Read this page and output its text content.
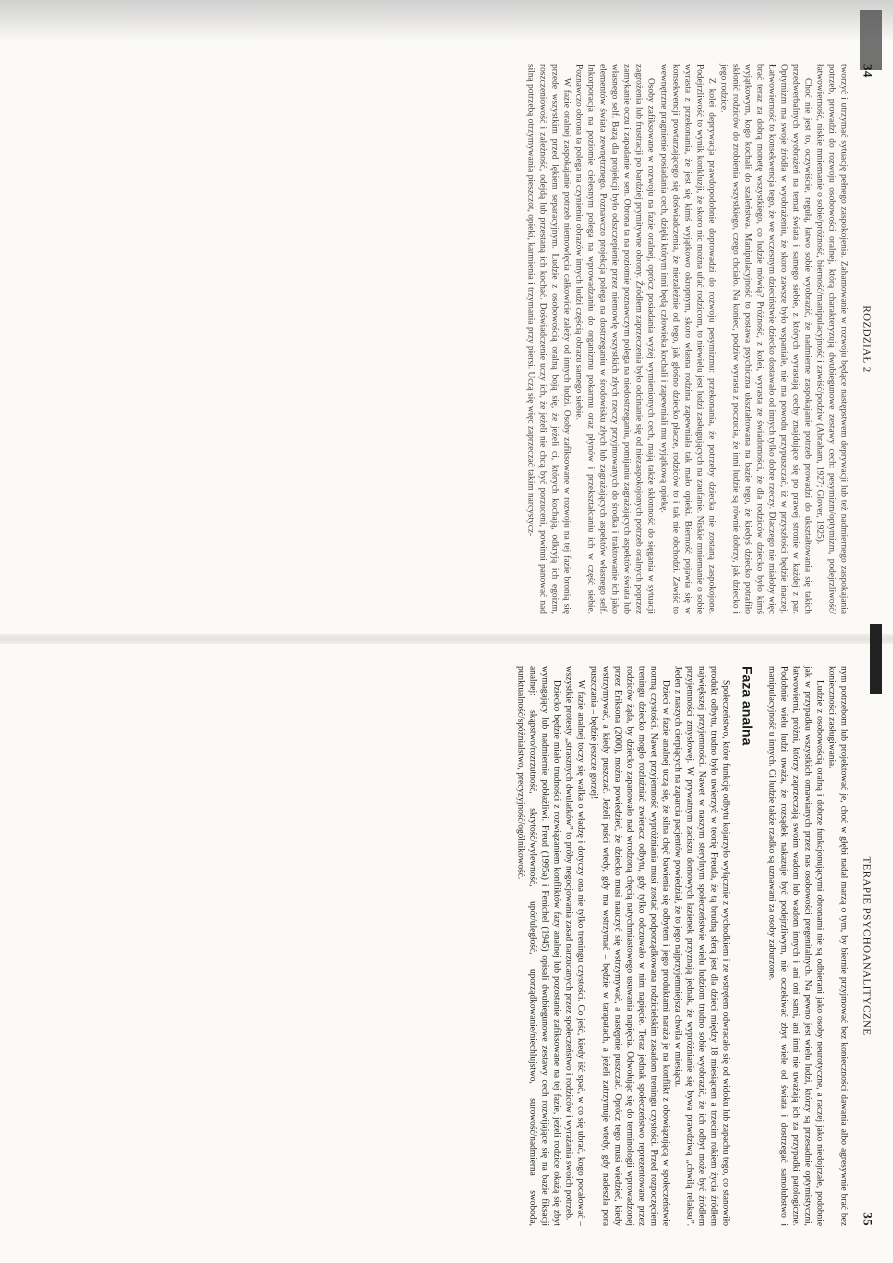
34
ROZDZIAŁ 2

tworzyć i utrzymać sytuację pełnego zaspokojenia. Zahamowanie w rozwoju będące następstwem deprywacji lub też nadmiernego zaspokajania potrzeb, prowadzi do rozwoju osobowości oralnej, którą charakteryzują dwubiegunowe zestawy cech: pesymizm/optymizm, podejrzliwość/łatwowierność, niskie mniemanie o sobie/próżność, bierność/manipulacyjność i zawiść/podziw (Abraham, 1927; Glover, 1925).

Choć nie jest to, oczywiście, regułą, łatwo sobie wyobrazić, że nadmierne zaspokajanie potrzeb prowadzi do ukształtowania się takich przedwerbalnych wyobrażeń na temat świata i samego siebie, z których wyrastają cechy znajdujące się po prawej stronie w każdej z par. Optymizm ma swoje źródła w wyobrażeniu, że skoro zawsze było wspaniale, nie ma powodu przypuszczać, iż w przyszłości będzie inaczej. Łatwowierność to konsekwencja tego, że we wczesnym dzieciństwie dziecko dostawało od innych tylko dobre rzeczy. Dlaczego nie miałoby więc brać teraz za dobrą monetę wszystkiego, co ludzie mówią? Próżność, z kolei, wyrasta ze świadomości, że dla rodziców dziecko było kimś wyjątkowym, kogo kochali do szaleństwa. Manipulacyjność to postawa psychiczna ukształtowana na bazie tego, że kiedyś dziecko potrafiło skłonić rodziców do zrobienia wszystkiego, czego chciało. Na koniec, podziw wyrasta z poczucia, że inni ludzie są równie dobrzy, jak dziecko i jego rodzice.

Z kolei deprywacja prawdopodobnie doprowadzi do rozwoju pesymizmu: przekonania, że potrzeby dziecka nie zostaną zaspokojone. Podejrzliwość to wynik konkluzji, że skoro nic można ufać rodzicom, to niewielu jest ludzi zasługujących na zaufanie. Niskie mniemanie o sobie wyrasta z przekonania, że jest się kimś wyjątkowo okropnym, skoro własna rodzina zapewniała tak mało opieki. Bierność pojawia się w konsekwencji powtarzającego się doświadczenia, że niezależnie od tego, jak głośno dziecko płacze, rodziców to i tak nie obchodzi. Zawiść to wewnętrzne pragnienie posiadania cech, dzięki którym inni będą człowieka kochali i zapewniali mu wyjątkową opiekę.

Osoby zafiksowane w rozwoju na fazie oralnej, oprócz posiadania wyżej wymienionych cech, mają także skłonność do sięgania w sytuacji zagrożenia lub frustracji po bardziej prymitywne obrony. Źródłem zaprzeczenia było odcinanie się od niezaspokojonych potrzeb oralnych poprzez zamykanie oczu i zapadanie w sen. Obrona ta na poziomie poznawczym polega na niedostrzeganiu, pomijaniu zagrażających aspektów świata lub własnego self. Bazą dla projekcji było odszczepienie przez niemowlę wszystkich złych rzeczy przyjmowanych do środka i traktowanie ich jako elementów świata zewnętrznego. Poznawczo projekcja polega na dostrzeganiu w środowisku złych lub zagrażających aspektów własnego self. Inkorporacja na poziomie cielesnym polega na wprowadzaniu do organizmu pokarmu oraz płynów i przekształcaniu ich w część siebie. Poznawczo obrona ta polega na czynieniu obrazów innych ludzi częścią obrazu samego siebie.

W fazie oralnej zaspokajanie potrzeb niemowlęcia całkowicie zależy od innych ludzi. Osoby zafiksowane w rozwoju na tej fazie bronią się przede wszystkim przed lękiem separacyjnym. Ludzie z osobowością oralną boją się, że jeżeli ci, których kochają, odkryją ich egoizm, roszczeniowość i zależność, odejdą lub przestaną ich kochać. Doświadczenie uczy ich, że jeżeli nie chcą być porzuceni, powinni panować nad silną potrzebą otrzymywania pieszczot, opieki, karmienia i trzymania przy piersi. Uczą się więc zaprzeczać takim narcystycz-

TERAPIE PSYCHOANALITYCZNE
35

nym potrzebom lub projektować je, choć w głębi nadal marzą o tym, by biernie przyjmować bez konieczności dawania albo agresywnie brać bez konieczności zasługiwania.

Ludzie z osobowością oralną i dobrze funkcjonującymi obronami nie są odbierani jako osoby neurotyczne, a raczej jako niedojrzałe, podobnie jak w przypadku wszystkich omawianych przez nas osobowości pregenitalnych. Na pewno jest wielu ludzi, którzy są przesadnie optymistyczni, łatwowierni, próżni, którzy zaprzeczają swoim wadom lub wadom innych i ani oni sami, ani inni nie uważają ich za przypadki patologiczne. Podobnie wielu ludzi uważa, że rozsądek nakazuje być podejrzliwym, nie oczekiwać zbyt wiele od świata i dostrzegać samolubstwo i manipulacyjność u innych. Ci ludzie także rzadko są uznawani za osoby zaburzone.

Faza analna

Społeczeństwo, które funkcję odbytu kojarzyło wyłącznie z wychodkiem i ze wstrętem odwracało się od widoku lub zapachu tego, co stanowiło produkt odbytu, trudno było uwierzyć w teorię Freuda, że tą brudną sferą jest dla dzieci między 18 miesiącem a trzecim rokiem życia źródłem największej przyjemności. Nawet w naszym sterylnym społeczeństwie wielu ludziom trudno sobie wyobrazić, że ich odbyt może być źródłem przyjemności zmysłowej. W prywatnym zaciszu domowych łazienek przyznają jednak, że wypróżnianie się bywa prawdziwą „chwilą relaksu”. Jeden z naszych cierpiących na zaparcia pacjentów powiedział, że to jego najprzyjemniejsza chwila w miesiącu.

Dzieci w fazie analnej uczą się, że silna chęć bawienia się odbytem i jego produktami naraża je na konflikt z obowiązującą w społeczeństwie normą czystości. Nawet przyjemność wypróżniania musi zostać podporządkowana rodzicielskim zasadom treningu czystości. Przed rozpoczęciem treningu dziecko mogło rozluźniać zwieracz odbytu, gdy tylko odczuwało w nim napięcie. Teraz jednak społeczeństwo reprezentowane przez rodziców żąda, by dziecko zapanowało nad wrodzoną chęcią natychmiastowego usuwania napięcia. Odwołując się do terminologii wprowadzonej przez Eriksona (2000), można powiedzieć, że dziecko musi nauczyć się wstrzymywać, a następnie puszczać. Oprócz tego musi wiedzieć, kiedy wstrzymywać, a kiedy puszczać. Jeżeli puści wtedy, gdy ma wstrzymać – będzie w tarapatach, a jeżeli zatrzymuje wtedy, gdy nadeszła pora puszczania – będzie jeszcze gorzej!

W fazie analnej toczy się walka o władzę i dotyczy ona nie tylko treningu czystości. Co jeść, kiedy iść spać, w co się ubrać, kogo pocałować – wszystkie protesty „strasznych dwulatków” to próby negocjowania zasad narzucanych przez społeczeństwo i rodziców i wyrażania swoich potrzeb.

Dziecko będzie miało trudności z rozwiązaniem konfliktów fazy analnej lub pozostanie zafiksowane na tej fazie, jeżeli rodzice okażą się zbyt wymagający lub nadmiernie pobłażliwi. Freud (1995a) i Fenichel (1945) opisali dwubiegunowe zestawy cech rozwijające się na bazie fiksacji analnej: skąpstwo/rozrzutność, skrytość/wylewność, upór/uległość, uporządkowanie/niechlujstwo, surowość/nadmierna swoboda, punktualność/spóźnialstwo, precyzyjność/ogólnikowość.
